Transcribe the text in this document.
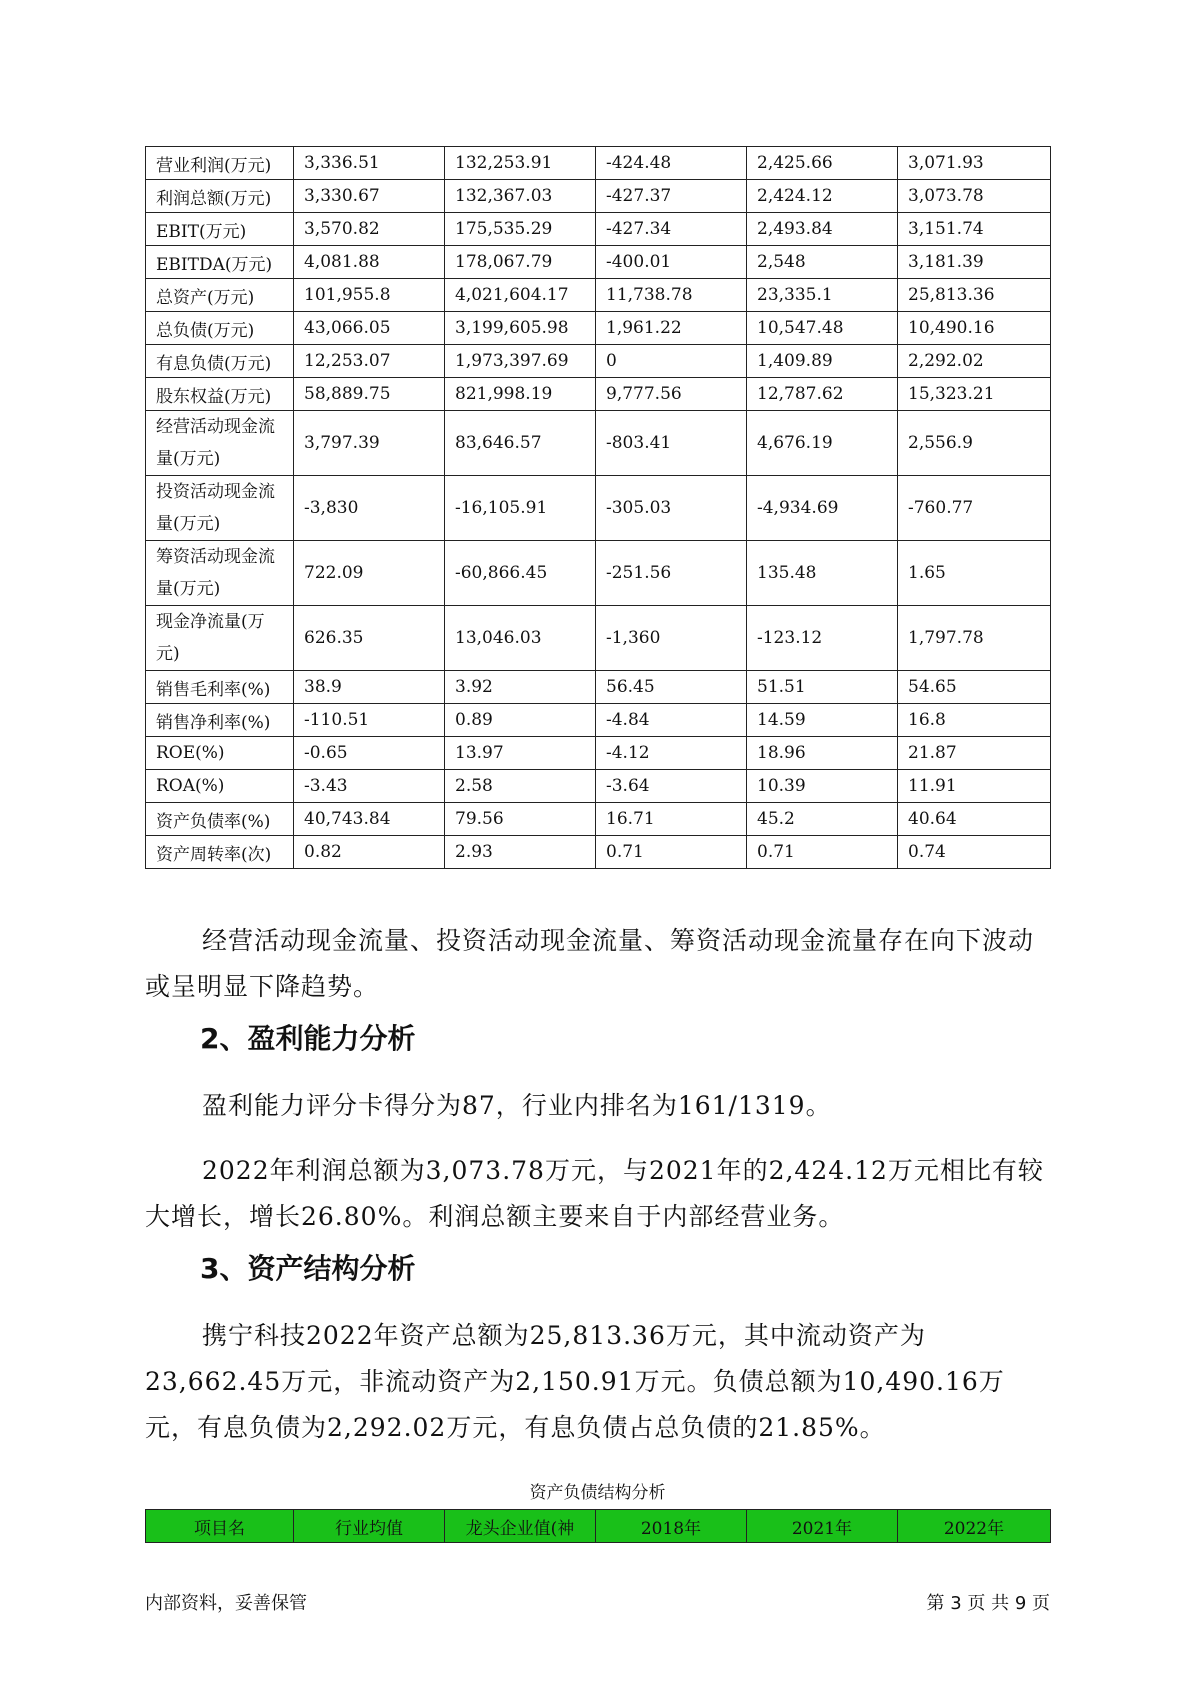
营业利润(万元)	3,336.51	132,253.91	-424.48	2,425.66	3,071.93
利润总额(万元)	3,330.67	132,367.03	-427.37	2,424.12	3,073.78
EBIT(万元)	3,570.82	175,535.29	-427.34	2,493.84	3,151.74
EBITDA(万元)	4,081.88	178,067.79	-400.01	2,548	3,181.39
总资产(万元)	101,955.8	4,021,604.17	11,738.78	23,335.1	25,813.36
总负债(万元)	43,066.05	3,199,605.98	1,961.22	10,547.48	10,490.16
有息负债(万元)	12,253.07	1,973,397.69	0	1,409.89	2,292.02
股东权益(万元)	58,889.75	821,998.19	9,777.56	12,787.62	15,323.21
经营活动现金流
量(万元)	3,797.39	83,646.57	-803.41	4,676.19	2,556.9
投资活动现金流
量(万元)	-3,830	-16,105.91	-305.03	-4,934.69	-760.77
筹资活动现金流
量(万元)	722.09	-60,866.45	-251.56	135.48	1.65
现金净流量(万
元)	626.35	13,046.03	-1,360	-123.12	1,797.78
销售毛利率(%)	38.9	3.92	56.45	51.51	54.65
销售净利率(%)	-110.51	0.89	-4.84	14.59	16.8
ROE(%)	-0.65	13.97	-4.12	18.96	21.87
ROA(%)	-3.43	2.58	-3.64	10.39	11.91
资产负债率(%)	40,743.84	79.56	16.71	45.2	40.64
资产周转率(次)	0.82	2.93	0.71	0.71	0.74

经营活动现金流量、投资活动现金流量、筹资活动现金流量存在向下波动或呈明显下降趋势。

2、盈利能力分析

盈利能力评分卡得分为87，行业内排名为161/1319。

2022年利润总额为3,073.78万元，与2021年的2,424.12万元相比有较大增长，增长26.80%。利润总额主要来自于内部经营业务。

3、资产结构分析

携宁科技2022年资产总额为25,813.36万元，其中流动资产为23,662.45万元，非流动资产为2,150.91万元。负债总额为10,490.16万元，有息负债为2,292.02万元，有息负债占总负债的21.85%。

资产负债结构分析
项目名	行业均值	龙头企业值(神	2018年	2021年	2022年
内部资料，妥善保管	第 3 页 共 9 页
